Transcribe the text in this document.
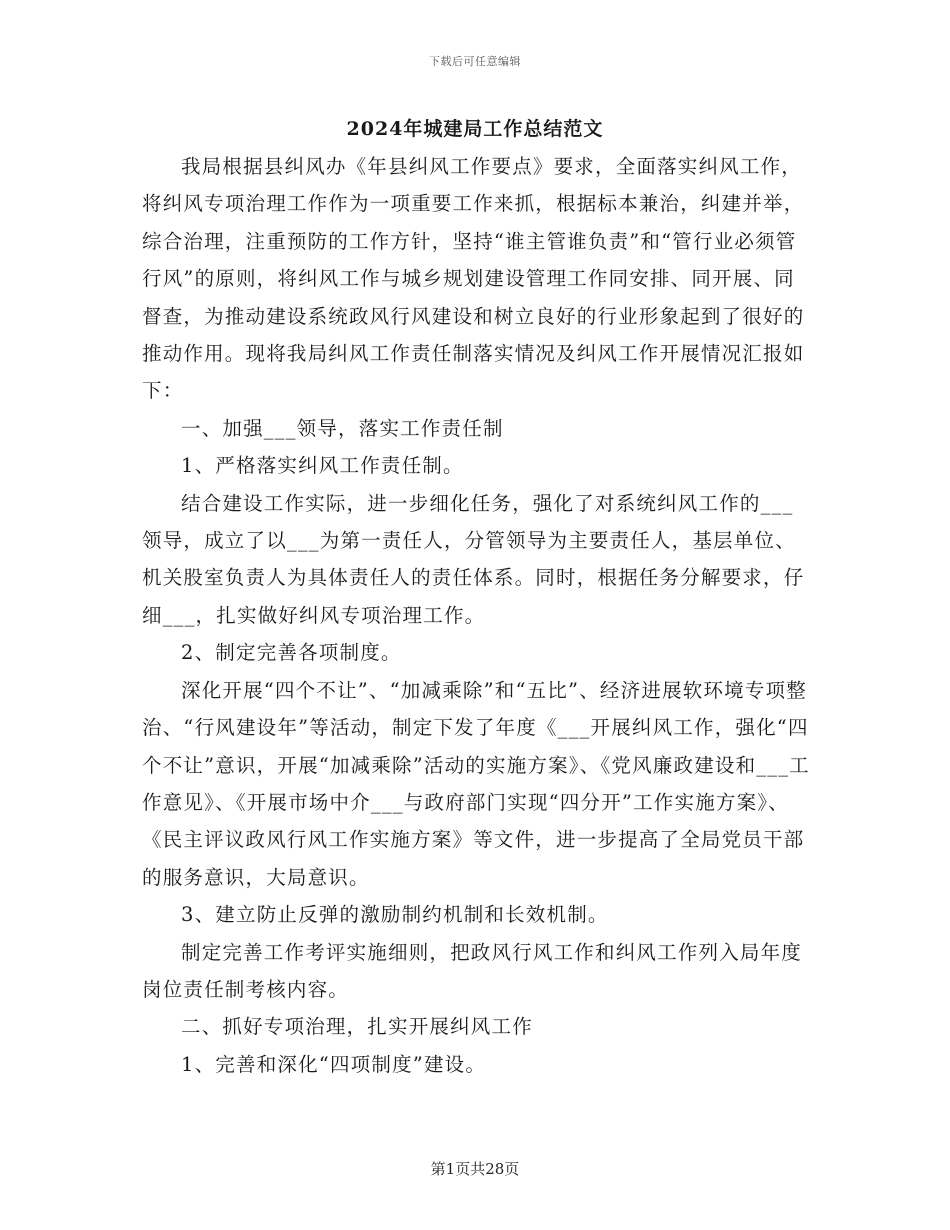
下载后可任意编辑
2024年城建局工作总结范文

我局根据县纠风办《年县纠风工作要点》要求，全面落实纠风工作，将纠风专项治理工作作为一项重要工作来抓，根据标本兼治，纠建并举，综合治理，注重预防的工作方针，坚持“谁主管谁负责”和“管行业必须管行风”的原则，将纠风工作与城乡规划建设管理工作同安排、同开展、同督查，为推动建设系统政风行风建设和树立良好的行业形象起到了很好的推动作用。现将我局纠风工作责任制落实情况及纠风工作开展情况汇报如下：

一、加强___领导，落实工作责任制

1、严格落实纠风工作责任制。

结合建设工作实际，进一步细化任务，强化了对系统纠风工作的___领导，成立了以___为第一责任人，分管领导为主要责任人，基层单位、机关股室负责人为具体责任人的责任体系。同时，根据任务分解要求，仔细___，扎实做好纠风专项治理工作。

2、制定完善各项制度。

深化开展“四个不让”、“加减乘除”和“五比”、经济进展软环境专项整治、“行风建设年”等活动，制定下发了年度《___开展纠风工作，强化“四个不让”意识，开展“加减乘除”活动的实施方案》、《党风廉政建设和___工作意见》、《开展市场中介___与政府部门实现“四分开”工作实施方案》、《民主评议政风行风工作实施方案》等文件，进一步提高了全局党员干部的服务意识，大局意识。

3、建立防止反弹的激励制约机制和长效机制。

制定完善工作考评实施细则，把政风行风工作和纠风工作列入局年度岗位责任制考核内容。

二、抓好专项治理，扎实开展纠风工作

1、完善和深化“四项制度”建设。

第1页共28页
